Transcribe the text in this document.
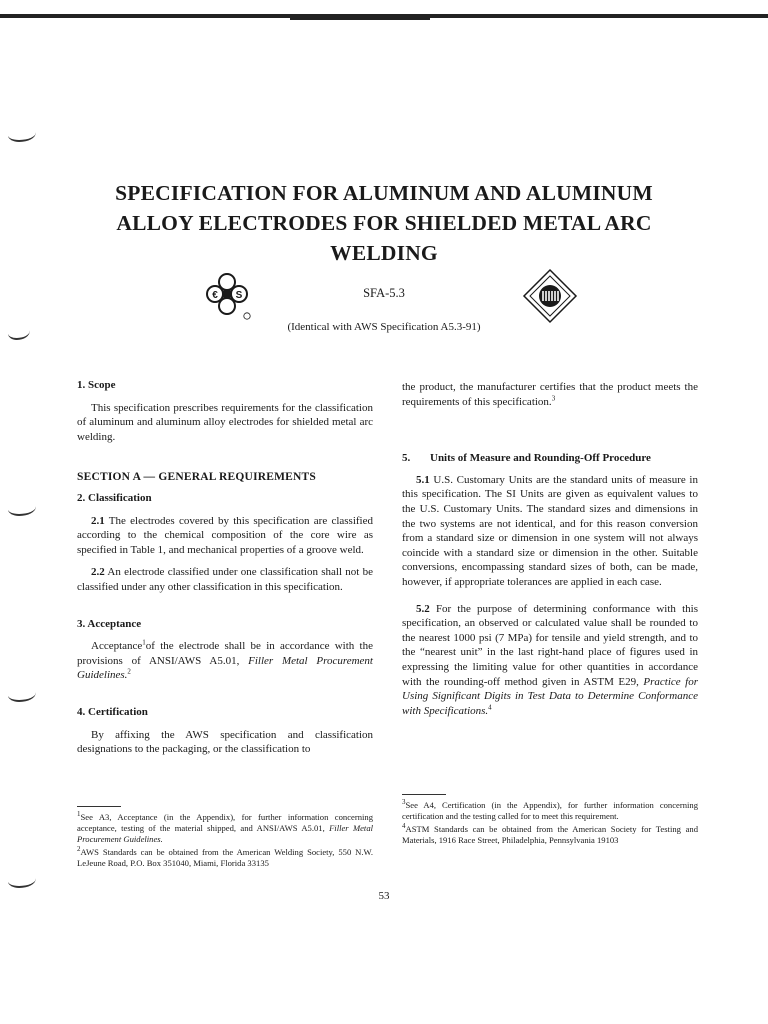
SPECIFICATION FOR ALUMINUM AND ALUMINUM
ALLOY ELECTRODES FOR SHIELDED METAL ARC
WELDING
€ S	SFA-5.3
(Identical with AWS Specification A5.3-91)
1. Scope

This specification prescribes requirements for the classification of aluminum and aluminum alloy electrodes for shielded metal arc welding.

SECTION A — GENERAL REQUIREMENTS
2. Classification

2.1 The electrodes covered by this specification are classified according to the chemical composition of the core wire as specified in Table 1, and mechanical properties of a groove weld.

2.2 An electrode classified under one classification shall not be classified under any other classification in this specification.

3. Acceptance

Acceptance$^1$of the electrode shall be in accordance with the provisions of ANSI/AWS A5.01, Filler Metal Procurement Guidelines.$^2$

4. Certification

By affixing the AWS specification and classification designations to the packaging, or the classification to

the product, the manufacturer certifies that the product meets the requirements of this specification.$^3$

5.	Units of Measure and Rounding-Off Procedure

5.1 U.S. Customary Units are the standard units of measure in this specification. The SI Units are given as equivalent values to the U.S. Customary Units. The standard sizes and dimensions in the two systems are not identical, and for this reason conversion from a standard size or dimension in one system will not always coincide with a standard size or dimension in the other. Suitable conversions, encompassing standard sizes of both, can be made, however, if appropriate tolerances are applied in each case.

5.2 For the purpose of determining conformance with this specification, an observed or calculated value shall be rounded to the nearest 1000 psi (7 MPa) for tensile and yield strength, and to the “nearest unit” in the last right-hand place of figures used in expressing the limiting value for other quantities in accordance with the rounding-off method given in ASTM E29, Practice for Using Significant Digits in Test Data to Determine Conformance with Specifications.$^4$

$^1$See A3, Acceptance (in the Appendix), for further information concerning acceptance, testing of the material shipped, and ANSI/AWS A5.01, Filler Metal Procurement Guidelines.
$^2$AWS Standards can be obtained from the American Welding Society, 550 N.W. LeJeune Road, P.O. Box 351040, Miami, Florida 33135
$^3$See A4, Certification (in the Appendix), for further information concerning certification and the testing called for to meet this requirement.
$^4$ASTM Standards can be obtained from the American Society for Testing and Materials, 1916 Race Street, Philadelphia, Pennsylvania 19103
53
